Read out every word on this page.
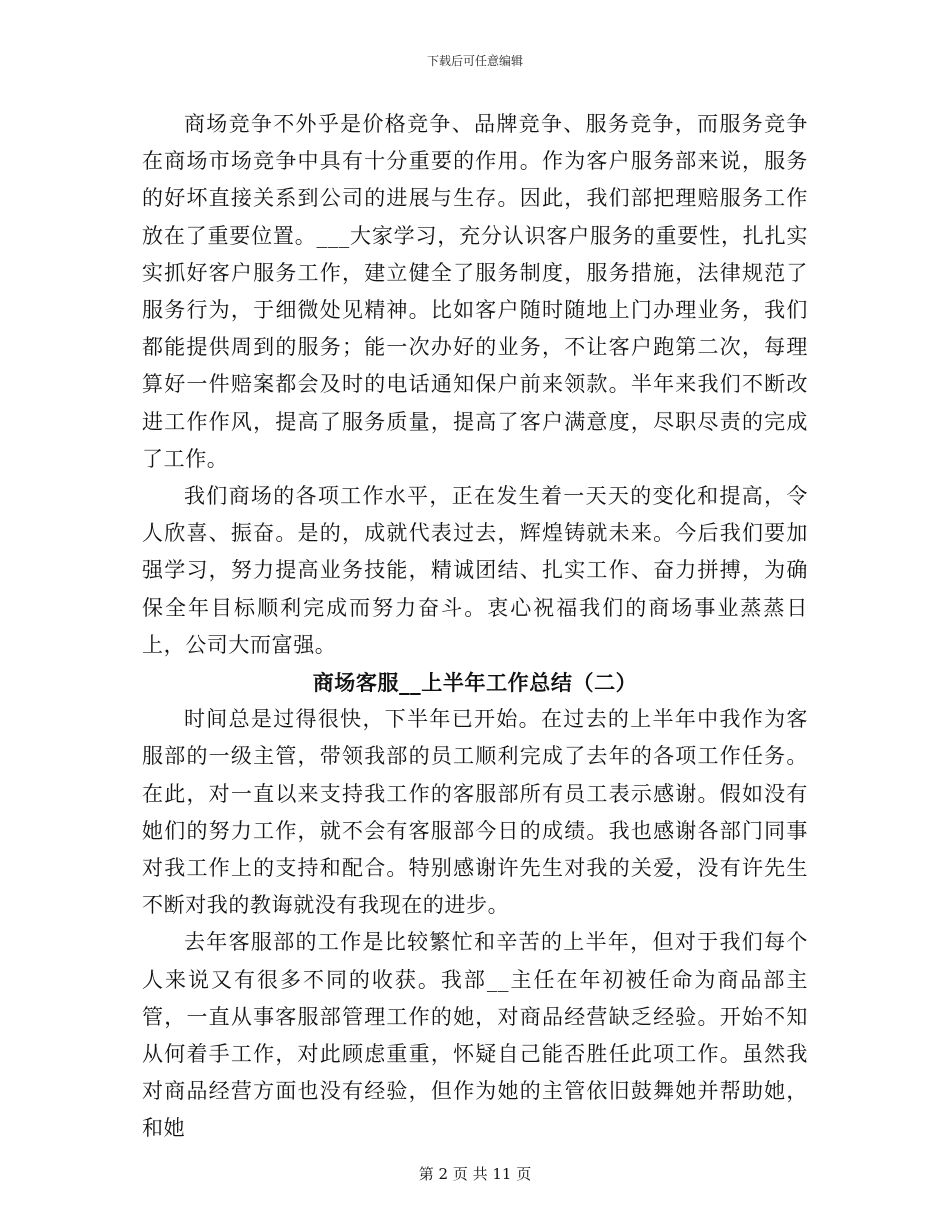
下载后可任意编辑

商场竞争不外乎是价格竞争、品牌竞争、服务竞争，而服务竞争在商场市场竞争中具有十分重要的作用。作为客户服务部来说，服务的好坏直接关系到公司的进展与生存。因此，我们部把理赔服务工作放在了重要位置。___大家学习，充分认识客户服务的重要性，扎扎实实抓好客户服务工作，建立健全了服务制度，服务措施，法律规范了服务行为，于细微处见精神。比如客户随时随地上门办理业务，我们都能提供周到的服务；能一次办好的业务，不让客户跑第二次，每理算好一件赔案都会及时的电话通知保户前来领款。半年来我们不断改进工作作风，提高了服务质量，提高了客户满意度，尽职尽责的完成了工作。

我们商场的各项工作水平，正在发生着一天天的变化和提高，令人欣喜、振奋。是的，成就代表过去，辉煌铸就未来。今后我们要加强学习，努力提高业务技能，精诚团结、扎实工作、奋力拼搏，为确保全年目标顺利完成而努力奋斗。衷心祝福我们的商场事业蒸蒸日上，公司大而富强。

商场客服__上半年工作总结（二）

时间总是过得很快，下半年已开始。在过去的上半年中我作为客服部的一级主管，带领我部的员工顺利完成了去年的各项工作任务。在此，对一直以来支持我工作的客服部所有员工表示感谢。假如没有她们的努力工作，就不会有客服部今日的成绩。我也感谢各部门同事对我工作上的支持和配合。特别感谢许先生对我的关爱，没有许先生不断对我的教诲就没有我现在的进步。

去年客服部的工作是比较繁忙和辛苦的上半年，但对于我们每个人来说又有很多不同的收获。我部__主任在年初被任命为商品部主管，一直从事客服部管理工作的她，对商品经营缺乏经验。开始不知从何着手工作，对此顾虑重重，怀疑自己能否胜任此项工作。虽然我对商品经营方面也没有经验，但作为她的主管依旧鼓舞她并帮助她，和她

第 2 页 共 11 页
